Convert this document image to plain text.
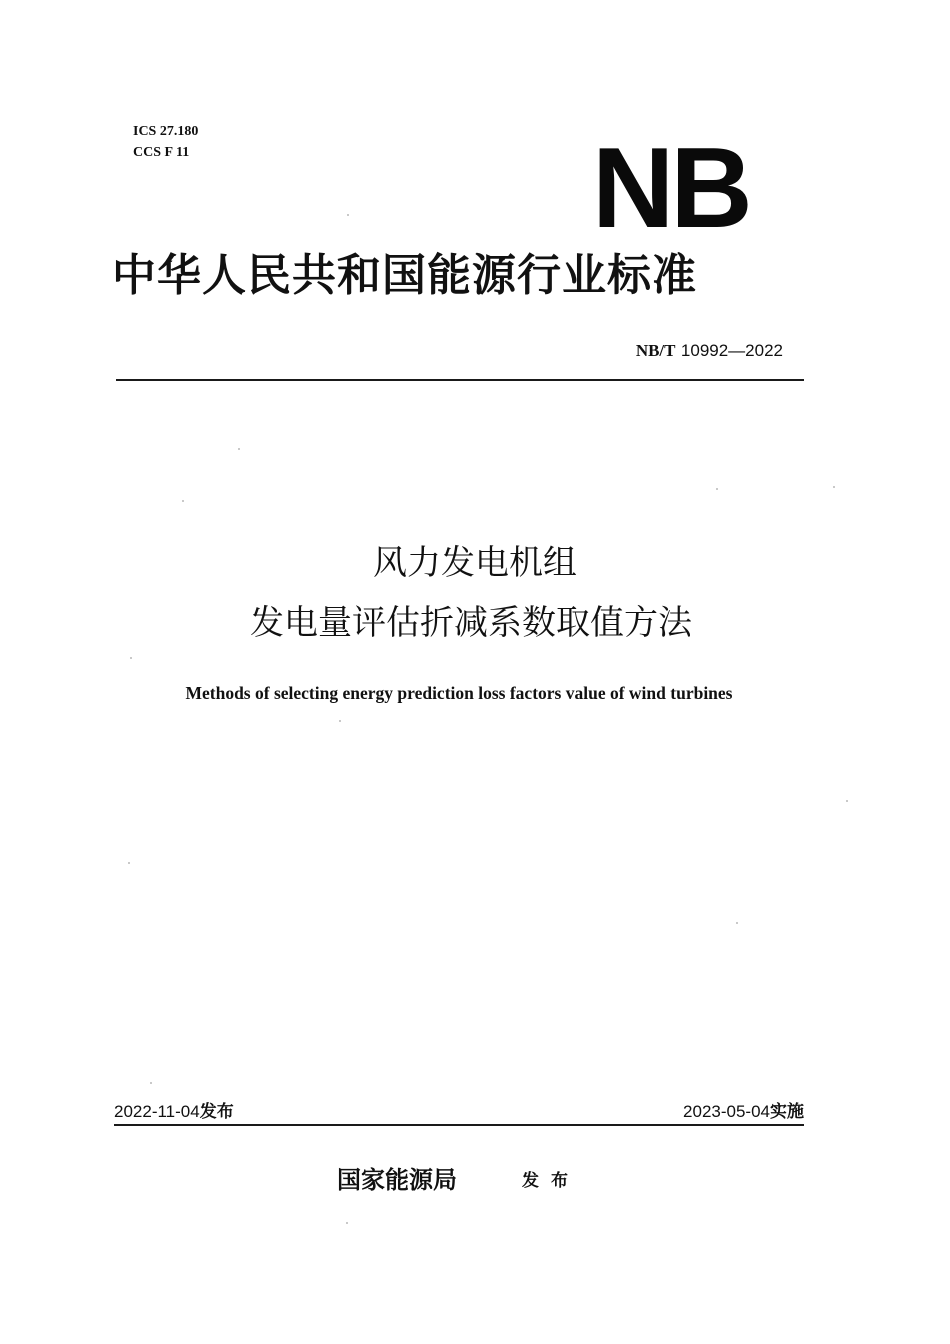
ICS 27.180
CCS F 11	NB
中华人民共和国能源行业标准
NB/T 10992—2022
风力发电机组
发电量评估折减系数取值方法
Methods of selecting energy prediction loss factors value of wind turbines
2022-11-04发布	2023-05-04实施
国家能源局	发布
